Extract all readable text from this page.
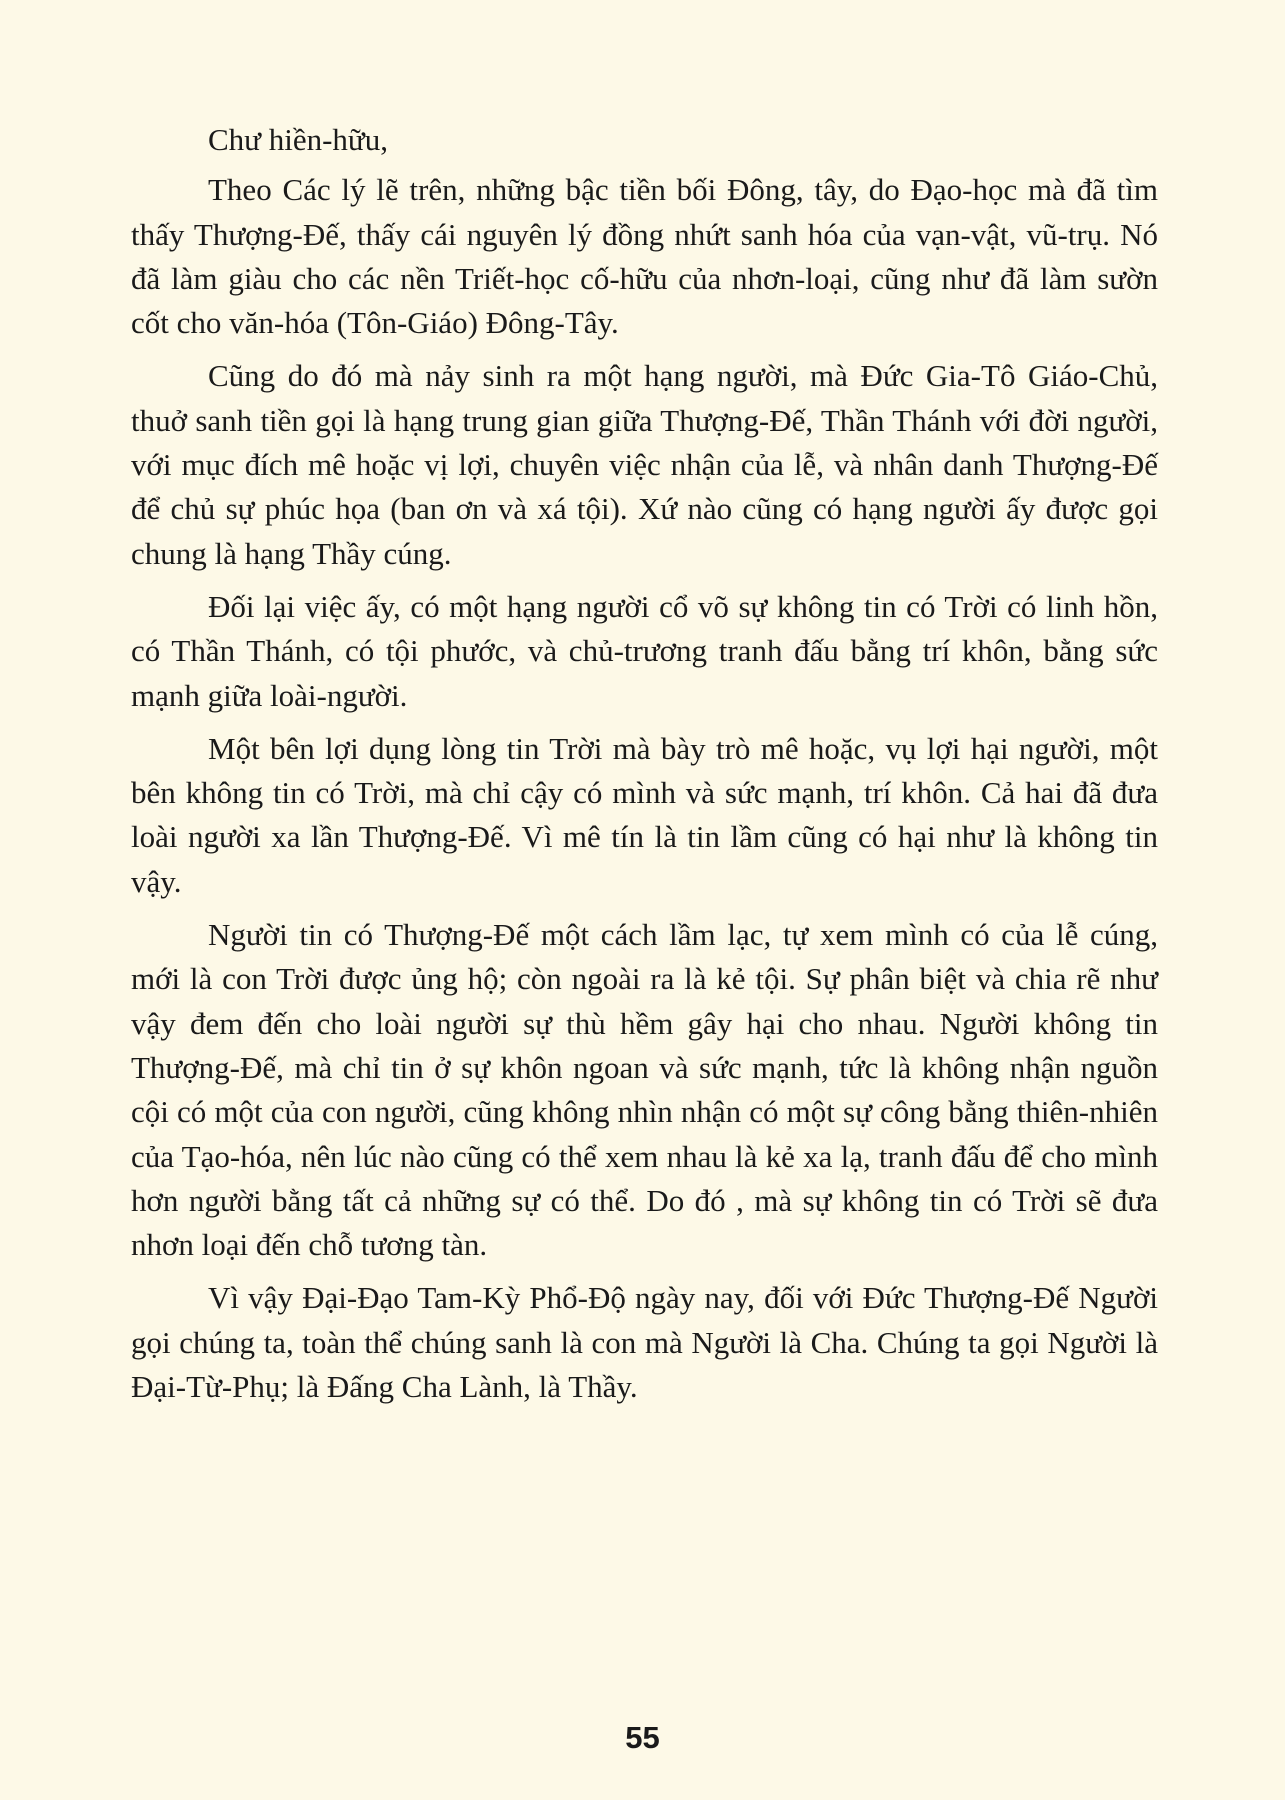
Chư hiền-hữu,

Theo Các lý lẽ trên, những bậc tiền bối Đông, tây, do Đạo-học mà đã tìm thấy Thượng-Đế, thấy cái nguyên lý đồng nhứt sanh hóa của vạn-vật, vũ-trụ. Nó đã làm giàu cho các nền Triết-học cố-hữu của nhơn-loại, cũng như đã làm sườn cốt cho văn-hóa (Tôn-Giáo) Đông-Tây.

Cũng do đó mà nảy sinh ra một hạng người, mà Đức Gia-Tô Giáo-Chủ, thuở sanh tiền gọi là hạng trung gian giữa Thượng-Đế, Thần Thánh với đời người, với mục đích mê hoặc vị lợi, chuyên việc nhận của lễ, và nhân danh Thượng-Đế để chủ sự phúc họa (ban ơn và xá tội). Xứ nào cũng có hạng người ấy được gọi chung là hạng Thầy cúng.

Đối lại việc ấy, có một hạng người cổ võ sự không tin có Trời có linh hồn, có Thần Thánh, có tội phước, và chủ-trương tranh đấu bằng trí khôn, bằng sức mạnh giữa loài-người.

Một bên lợi dụng lòng tin Trời mà bày trò mê hoặc, vụ lợi hại người, một bên không tin có Trời, mà chỉ cậy có mình và sức mạnh, trí khôn. Cả hai đã đưa loài người xa lần Thượng-Đế. Vì mê tín là tin lầm cũng có hại như là không tin vậy.

Người tin có Thượng-Đế một cách lầm lạc, tự xem mình có của lễ cúng, mới là con Trời được ủng hộ; còn ngoài ra là kẻ tội. Sự phân biệt và chia rẽ như vậy đem đến cho loài người sự thù hềm gây hại cho nhau. Người không tin Thượng-Đế, mà chỉ tin ở sự khôn ngoan và sức mạnh, tức là không nhận nguồn cội có một của con người, cũng không nhìn nhận có một sự công bằng thiên-nhiên của Tạo-hóa, nên lúc nào cũng có thể xem nhau là kẻ xa lạ, tranh đấu để cho mình hơn người bằng tất cả những sự có thể. Do đó , mà sự không tin có Trời sẽ đưa nhơn loại đến chỗ tương tàn.

Vì vậy Đại-Đạo Tam-Kỳ Phổ-Độ ngày nay, đối với Đức Thượng-Đế Người gọi chúng ta, toàn thể chúng sanh là con mà Người là Cha. Chúng ta gọi Người là Đại-Từ-Phụ; là Đấng Cha Lành, là Thầy.

55
